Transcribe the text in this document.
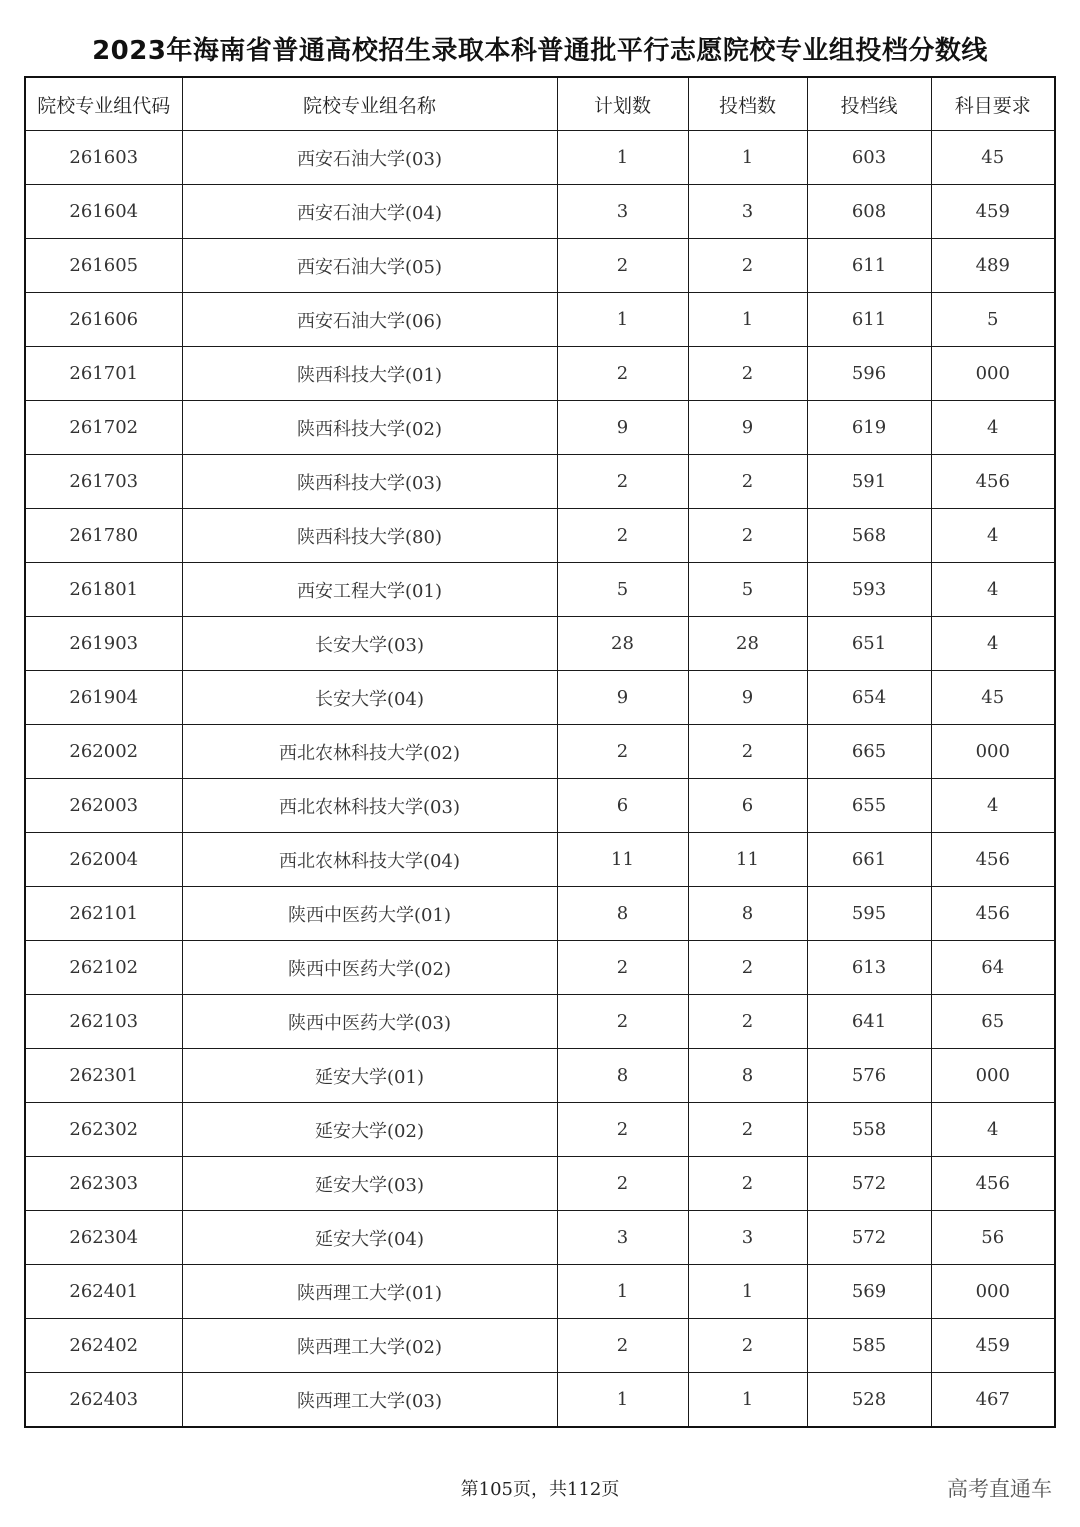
2023年海南省普通高校招生录取本科普通批平行志愿院校专业组投档分数线
院校专业组代码	院校专业组名称	计划数	投档数	投档线	科目要求
261603	西安石油大学(03)	1	1	603	45
261604	西安石油大学(04)	3	3	608	459
261605	西安石油大学(05)	2	2	611	489
261606	西安石油大学(06)	1	1	611	5
261701	陕西科技大学(01)	2	2	596	000
261702	陕西科技大学(02)	9	9	619	4
261703	陕西科技大学(03)	2	2	591	456
261780	陕西科技大学(80)	2	2	568	4
261801	西安工程大学(01)	5	5	593	4
261903	长安大学(03)	28	28	651	4
261904	长安大学(04)	9	9	654	45
262002	西北农林科技大学(02)	2	2	665	000
262003	西北农林科技大学(03)	6	6	655	4
262004	西北农林科技大学(04)	11	11	661	456
262101	陕西中医药大学(01)	8	8	595	456
262102	陕西中医药大学(02)	2	2	613	64
262103	陕西中医药大学(03)	2	2	641	65
262301	延安大学(01)	8	8	576	000
262302	延安大学(02)	2	2	558	4
262303	延安大学(03)	2	2	572	456
262304	延安大学(04)	3	3	572	56
262401	陕西理工大学(01)	1	1	569	000
262402	陕西理工大学(02)	2	2	585	459
262403	陕西理工大学(03)	1	1	528	467
第105页，共112页	高考直通车
